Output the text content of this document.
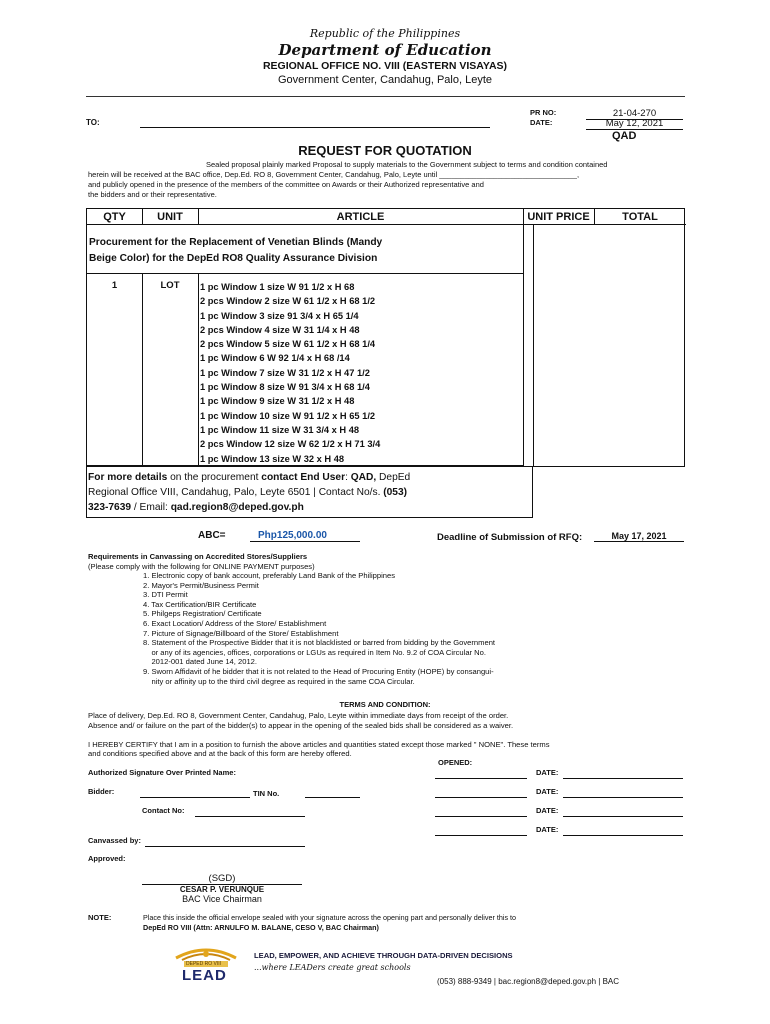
Republic of the Philippines
Department of Education
REGIONAL OFFICE NO. VIII (EASTERN VISAYAS)
Government Center, Candahug, Palo, Leyte
TO:
PR NO:	21-04-270
DATE:	May 12, 2021
QAD
REQUEST FOR QUOTATION
Sealed proposal plainly marked Proposal to supply materials to the Government subject to terms and condition contained
herein will be received at the BAC office, Dep.Ed. RO 8, Government Center, Candahug, Palo, Leyte until _________________________________,
and publicly opened in the presence of the members of the committee on Awards or their Authorized representative and
the bidders and or their representative.
QTY	UNIT	ARTICLE	UNIT PRICE	TOTAL
Procurement for the Replacement of Venetian Blinds (Mandy
Beige Color) for the DepEd RO8 Quality Assurance Division
1	LOT	1 pc Window 1 size W 91 1/2 x H 68
2 pcs Window 2 size W 61 1/2 x H 68 1/2
1 pc Window 3 size 91 3/4 x H 65 1/4
2 pcs Window 4 size W 31 1/4 x H 48
2 pcs Window 5 size W 61 1/2 x H 68 1/4
1 pc Window 6 W 92 1/4 x H 68 /14
1 pc Window 7 size W 31 1/2 x H 47 1/2
1 pc Window 8 size W 91 3/4 x H 68 1/4
1 pc Window 9 size W 31 1/2 x H 48
1 pc Window 10 size W 91 1/2 x H 65 1/2
1 pc Window 11 size W 31 3/4 x H 48
2 pcs Window 12 size W 62 1/2 x H 71 3/4
1 pc Window 13 size W 32 x H 48
For more details on the procurement contact End User: QAD, DepEd
Regional Office VIII, Candahug, Palo, Leyte 6501 | Contact No/s. (053)
323-7639 / Email: qad.region8@deped.gov.ph
ABC=	Php125,000.00	Deadline of Submission of RFQ:	May 17, 2021
Requirements in Canvassing on Accredited Stores/Suppliers
(Please comply with the following for ONLINE PAYMENT purposes)
1. Electronic copy of bank account, preferably Land Bank of the Philippines
2. Mayor's Permit/Business Permit
3. DTI Permit
4. Tax Certification/BIR Certificate
5. Philgeps Registration/ Certificate
6. Exact Location/ Address of the Store/ Establishment
7. Picture of Signage/Billboard of the Store/ Establishment
8. Statement of the Prospective Bidder that it is not blacklisted or barred from bidding by the Government
or any of its agencies, offices, corporations or LGUs as required in Item No. 9.2 of COA Circular No.
2012-001 dated June 14, 2012.
9. Sworn Affidavit of he bidder that it is not related to the Head of Procuring Entity (HOPE) by consangui-
nity or affinity up to the third civil degree as required in the same COA Circular.
TERMS AND CONDITION:
Place of delivery, Dep.Ed. RO 8, Government Center, Candahug, Palo, Leyte within immediate days from receipt of the order.
Absence and/ or failure on the part of the bidder(s) to appear in the opening of the sealed bids shall be considered as a waiver.
I HEREBY CERTIFY that I am in a position to furnish the above articles and quantities stated except those marked " NONE". These terms
and conditions specified above and at the back of this form are hereby offered.
Authorized Signature Over Printed Name:
Bidder:	TIN No.
Contact No:
Canvassed by:
Approved:
OPENED:
DATE:
DATE:
DATE:
DATE:
(SGD)
CESAR P. VERUNQUE
BAC Vice Chairman
NOTE:	Place this inside the official envelope sealed with your signature across the opening part and personally deliver this to
DepEd RO VIII (Attn: ARNULFO M. BALANE, CESO V, BAC Chairman)
DEPED RO VIII
LEAD
LEAD, EMPOWER, AND ACHIEVE THROUGH DATA-DRIVEN DECISIONS
...where LEADers create great schools
(053) 888-9349 | bac.region8@deped.gov.ph | BAC
